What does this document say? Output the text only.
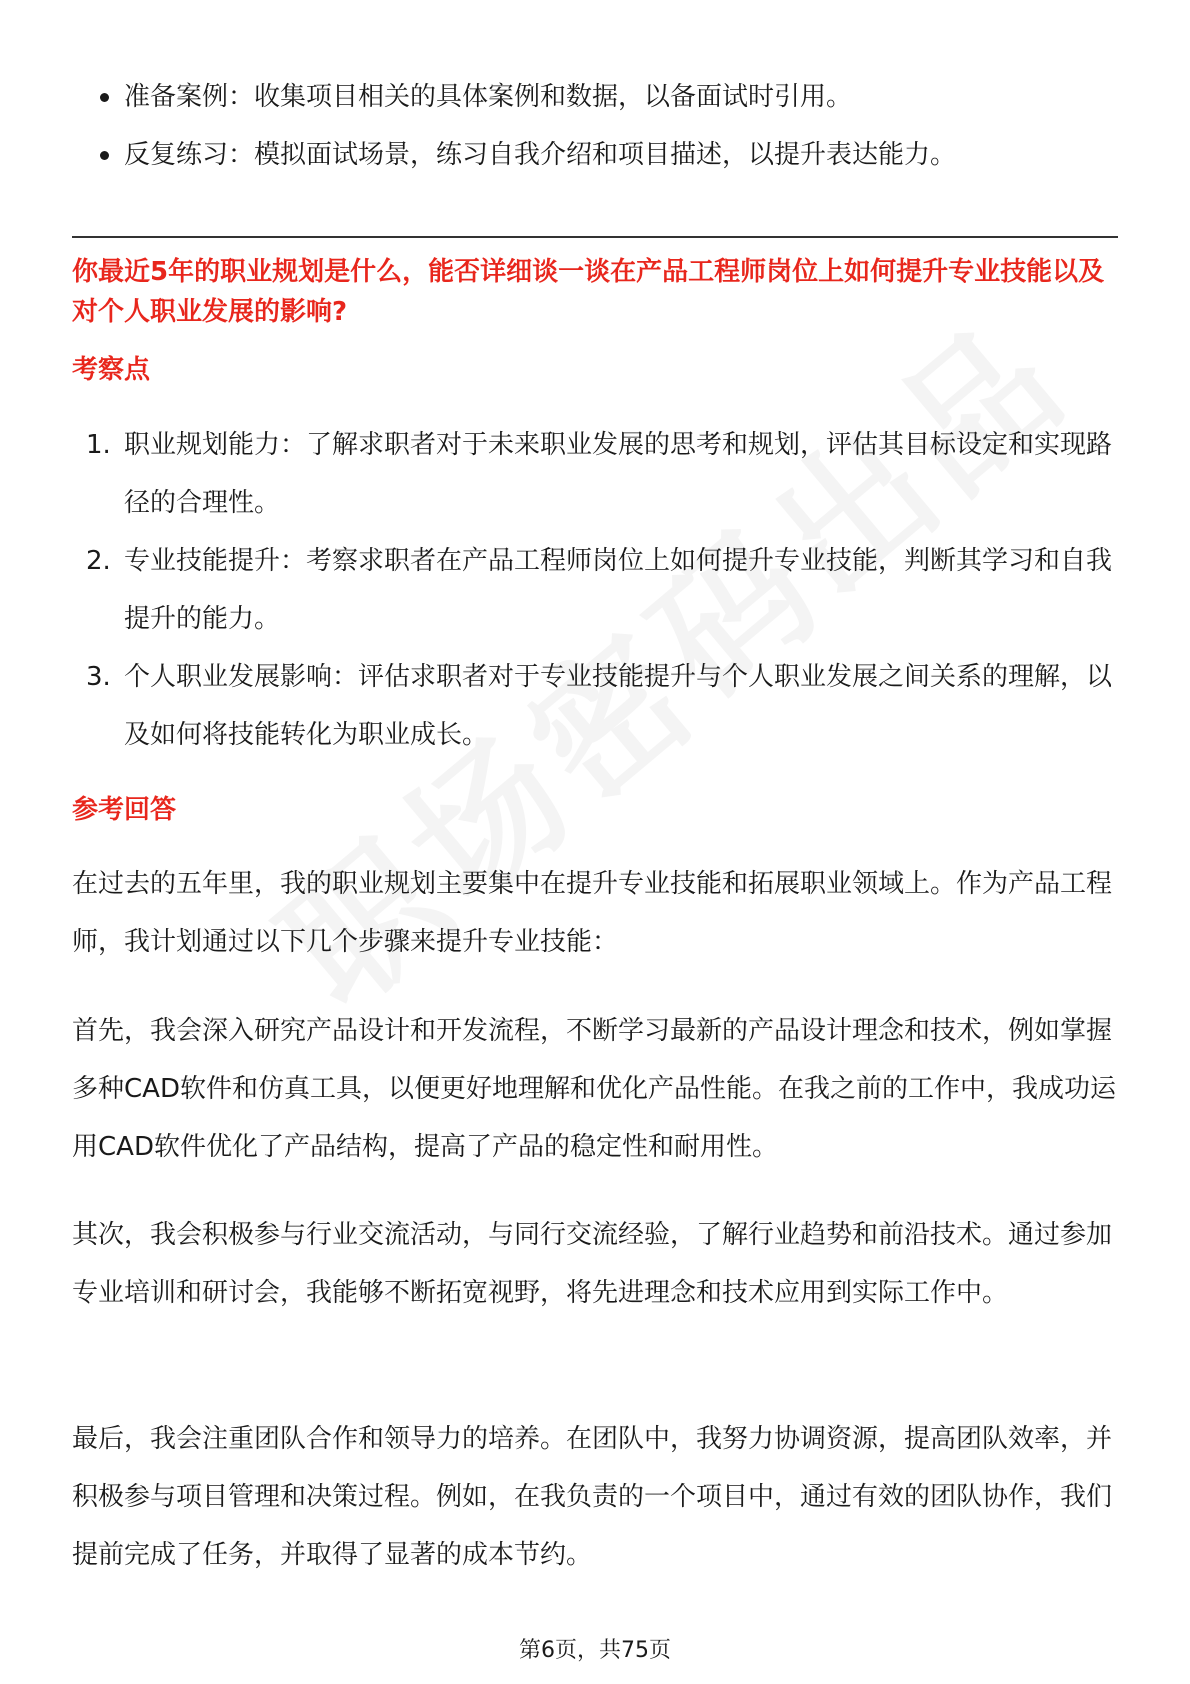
准备案例：收集项目相关的具体案例和数据，以备面试时引用。
反复练习：模拟面试场景，练习自我介绍和项目描述，以提升表达能力。
你最近5年的职业规划是什么，能否详细谈一谈在产品工程师岗位上如何提升专业技能以及对个人职业发展的影响?
考察点
1. 职业规划能力：了解求职者对于未来职业发展的思考和规划，评估其目标设定和实现路径的合理性。
2. 专业技能提升：考察求职者在产品工程师岗位上如何提升专业技能，判断其学习和自我提升的能力。
3. 个人职业发展影响：评估求职者对于专业技能提升与个人职业发展之间关系的理解，以及如何将技能转化为职业成长。
参考回答

在过去的五年里，我的职业规划主要集中在提升专业技能和拓展职业领域上。作为产品工程师，我计划通过以下几个步骤来提升专业技能：

首先，我会深入研究产品设计和开发流程，不断学习最新的产品设计理念和技术，例如掌握多种CAD软件和仿真工具，以便更好地理解和优化产品性能。在我之前的工作中，我成功运用CAD软件优化了产品结构，提高了产品的稳定性和耐用性。

其次，我会积极参与行业交流活动，与同行交流经验，了解行业趋势和前沿技术。通过参加专业培训和研讨会，我能够不断拓宽视野，将先进理念和技术应用到实际工作中。

最后，我会注重团队合作和领导力的培养。在团队中，我努力协调资源，提高团队效率，并积极参与项目管理和决策过程。例如，在我负责的一个项目中，通过有效的团队协作，我们提前完成了任务，并取得了显著的成本节约。

第6页，共75页
